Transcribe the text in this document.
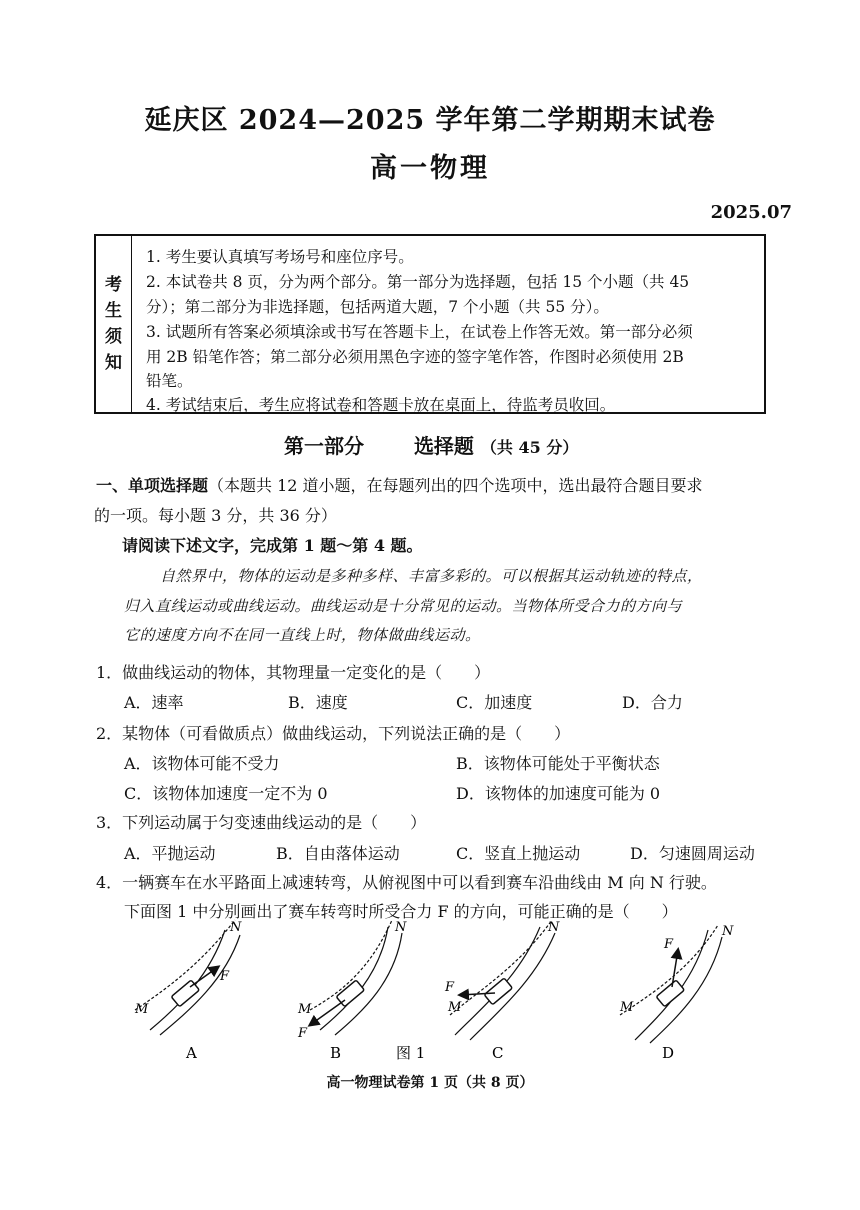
延庆区 2024—2025 学年第二学期期末试卷
高一物理
2025.07
考
生
须
知
1. 考生要认真填写考场号和座位序号。
2. 本试卷共 8 页，分为两个部分。第一部分为选择题，包括 15 个小题（共 45
分）；第二部分为非选择题，包括两道大题，7 个小题（共 55 分）。
3. 试题所有答案必须填涂或书写在答题卡上，在试卷上作答无效。第一部分必须
用 2B 铅笔作答；第二部分必须用黑色字迹的签字笔作答，作图时必须使用 2B
铅笔。
4. 考试结束后，考生应将试卷和答题卡放在桌面上，待监考员收回。
第一部分 选择题 （共 45 分）
一、单项选择题（本题共 12 道小题，在每题列出的四个选项中，选出最符合题目要求
的一项。每小题 3 分，共 36 分）
请阅读下述文字，完成第 1 题～第 4 题。
自然界中，物体的运动是多种多样、丰富多彩的。可以根据其运动轨迹的特点，
归入直线运动或曲线运动。曲线运动是十分常见的运动。当物体所受合力的方向与
它的速度方向不在同一直线上时，物体做曲线运动。
1．做曲线运动的物体，其物理量一定变化的是（　　）
A．速率	B．速度	C．加速度	D．合力
2．某物体（可看做质点）做曲线运动，下列说法正确的是（　　）
A．该物体可能不受力	B．该物体可能处于平衡状态
C．该物体加速度一定不为 0	D．该物体的加速度可能为 0
3．下列运动属于匀变速曲线运动的是（　　）
A．平抛运动	B．自由落体运动	C．竖直上抛运动	D．匀速圆周运动
4．一辆赛车在水平路面上减速转弯，从俯视图中可以看到赛车沿曲线由 M 向 N 行驶。
下面图 1 中分别画出了赛车转弯时所受合力 F 的方向，可能正确的是（　　）
M
N
F
A
M
N
F
B	图 1
M
N
F
C
M
N
F
D
高一物理试卷第 1 页（共 8 页）
